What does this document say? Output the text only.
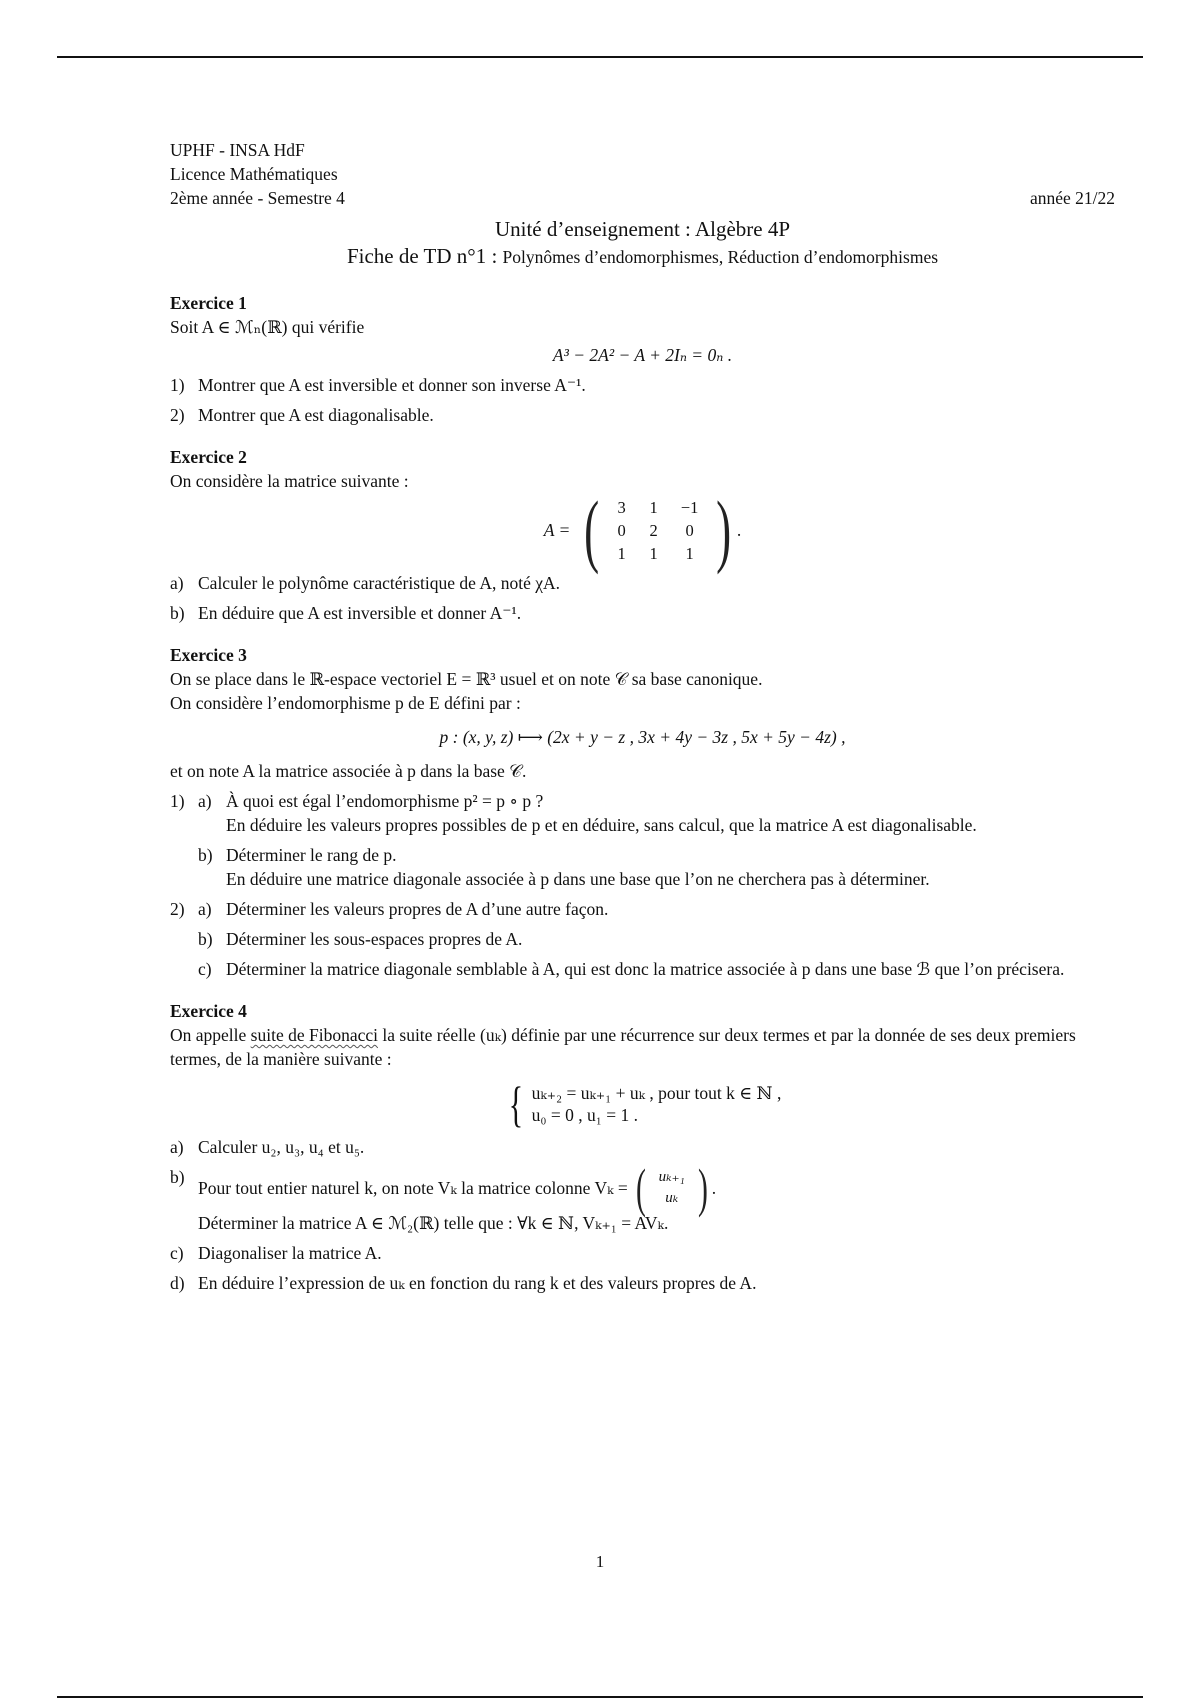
UPHF - INSA HdF
Licence Mathématiques
2ème année - Semestre 4	année 21/22
Unité d’enseignement : Algèbre 4P
Fiche de TD n°1 : Polynômes d’endomorphismes, Réduction d’endomorphismes
Exercice 1
Soit A ∈ ℳₙ(ℝ) qui vérifie
A³ − 2A² − A + 2Iₙ = 0ₙ .
1) Montrer que A est inversible et donner son inverse A⁻¹.
2) Montrer que A est diagonalisable.
Exercice 2
On considère la matrice suivante :
A = (	3	1	−1
0	2	0
1	1	1 ) .
a) Calculer le polynôme caractéristique de A, noté χA.
b) En déduire que A est inversible et donner A⁻¹.
Exercice 3
On se place dans le ℝ-espace vectoriel E = ℝ³ usuel et on note 𝒞 sa base canonique.
On considère l’endomorphisme p de E défini par :
p : (x, y, z) ⟼ (2x + y − z , 3x + 4y − 3z , 5x + 5y − 4z) ,
et on note A la matrice associée à p dans la base 𝒞.
1) a) À quoi est égal l’endomorphisme p² = p ∘ p ?
En déduire les valeurs propres possibles de p et en déduire, sans calcul, que la matrice A est diagonalisable.
b) Déterminer le rang de p.
En déduire une matrice diagonale associée à p dans une base que l’on ne cherchera pas à déterminer.
2) a) Déterminer les valeurs propres de A d’une autre façon.
b) Déterminer les sous-espaces propres de A.
c) Déterminer la matrice diagonale semblable à A, qui est donc la matrice associée à p dans une base ℬ que l’on précisera.
Exercice 4
On appelle suite de Fibonacci la suite réelle (uₖ) définie par une récurrence sur deux termes et par la donnée de ses deux premiers termes, de la manière suivante :
{ uₖ₊₂ = uₖ₊₁ + uₖ , pour tout k ∈ ℕ ,
u₀ = 0 , u₁ = 1 .
a) Calculer u₂, u₃, u₄ et u₅.
b)
Pour tout entier naturel k, on note Vₖ la matrice colonne Vₖ = ( uₖ₊₁
uₖ ) .
Déterminer la matrice A ∈ ℳ₂(ℝ) telle que : ∀k ∈ ℕ, Vₖ₊₁ = AVₖ.
c) Diagonaliser la matrice A.
d) En déduire l’expression de uₖ en fonction du rang k et des valeurs propres de A.
1
